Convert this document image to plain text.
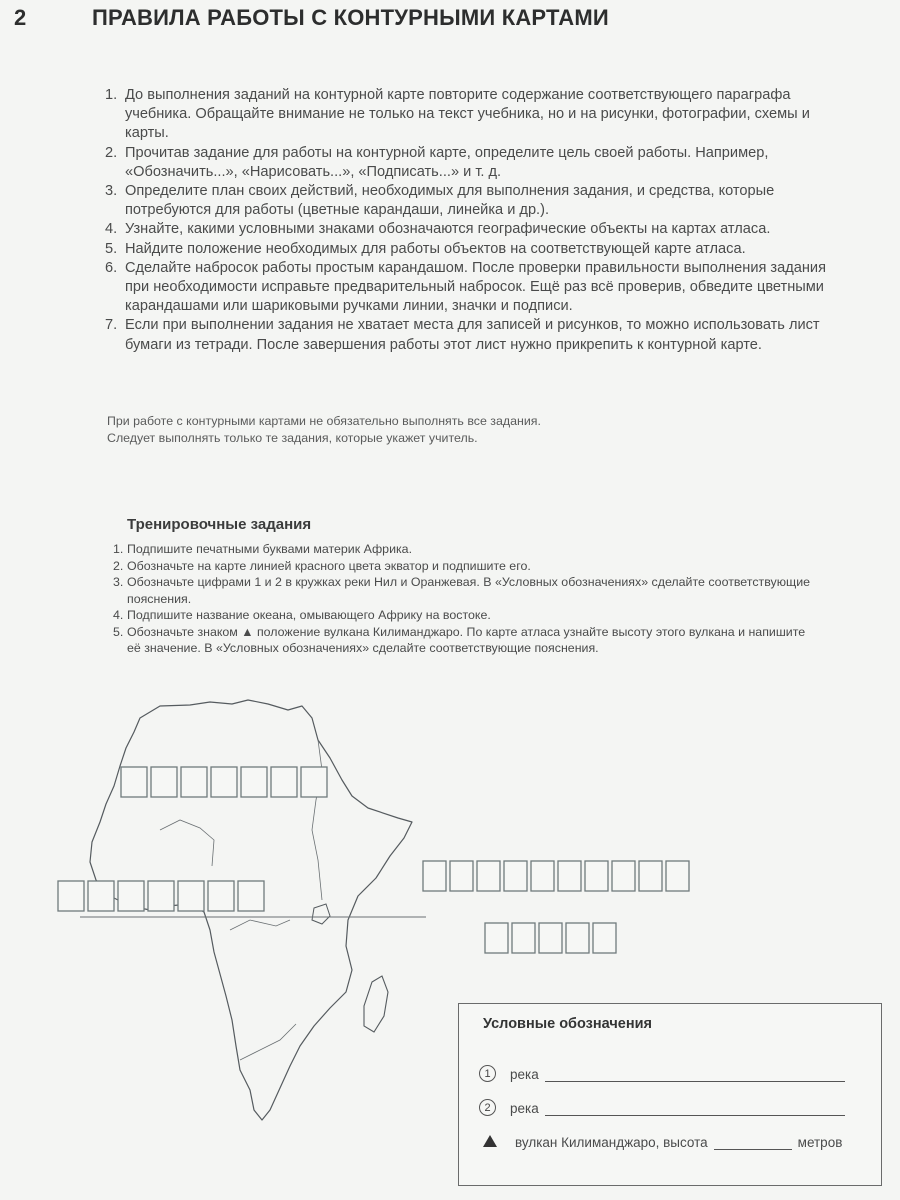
2	ПРАВИЛА РАБОТЫ С КОНТУРНЫМИ КАРТАМИ
1. До выполнения заданий на контурной карте повторите содержание соответствующего параграфа учебника. Обращайте внимание не только на текст учебника, но и на рисунки, фотографии, схемы и карты.
2. Прочитав задание для работы на контурной карте, определите цель своей работы. Например, «Обозначить...», «Нарисовать...», «Подписать...» и т. д.
3. Определите план своих действий, необходимых для выполнения задания, и средства, которые потребуются для работы (цветные карандаши, линейка и др.).
4. Узнайте, какими условными знаками обозначаются географические объекты на картах атласа.
5. Найдите положение необходимых для работы объектов на соответствующей карте атласа.
6. Сделайте набросок работы простым карандашом. После проверки правильности выполнения задания при необходимости исправьте предварительный набросок. Ещё раз всё проверив, обведите цветными карандашами или шариковыми ручками линии, значки и подписи.
7. Если при выполнении задания не хватает места для записей и рисунков, то можно использовать лист бумаги из тетради. После завершения работы этот лист нужно прикрепить к контурной карте.
При работе с контурными картами не обязательно выполнять все задания.
Следует выполнять только те задания, которые укажет учитель.
Тренировочные задания
1. Подпишите печатными буквами материк Африка.
2. Обозначьте на карте линией красного цвета экватор и подпишите его.
3. Обозначьте цифрами 1 и 2 в кружках реки Нил и Оранжевая. В «Условных обозначениях» сделайте соответствующие пояснения.
4. Подпишите название океана, омывающего Африку на востоке.
5. Обозначьте знаком ▲ положение вулкана Килиманджаро. По карте атласа узнайте высоту этого вулкана и напишите её значение. В «Условных обозначениях» сделайте соответствующие пояснения.
Условные обозначения
1	река
2	река
вулкан Килиманджаро, высота	метров
